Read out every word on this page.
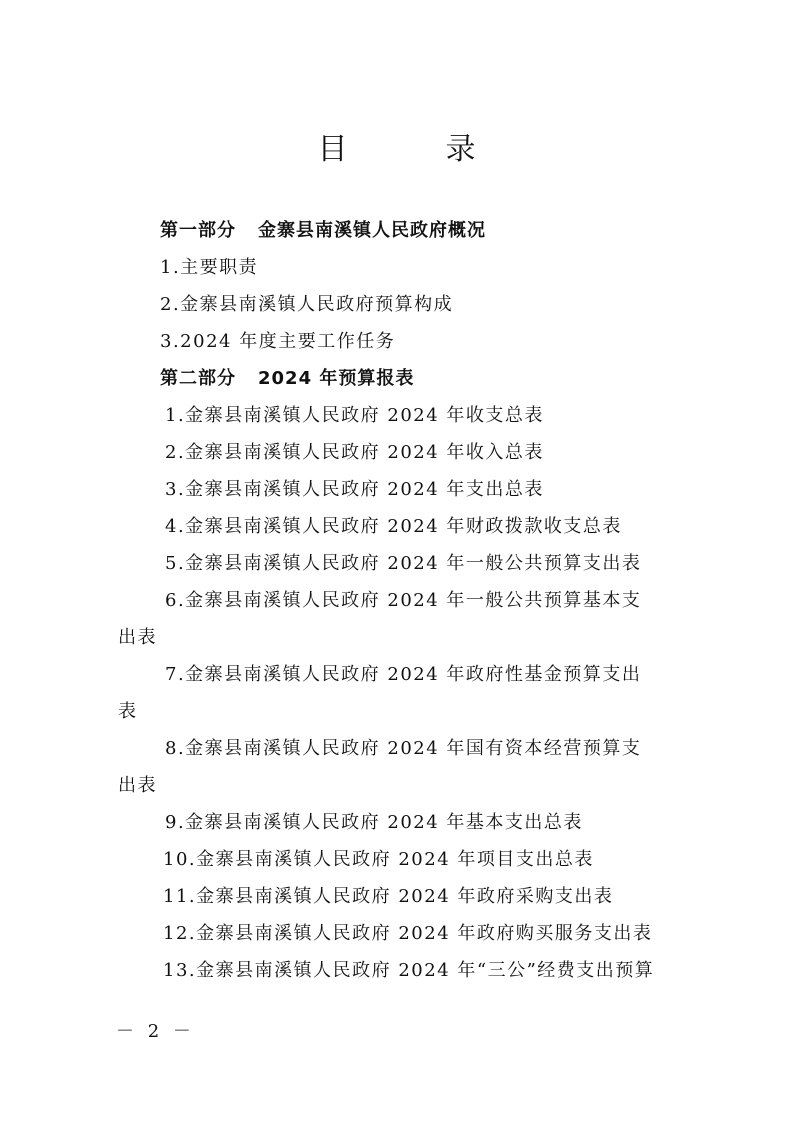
目　录
第一部分 金寨县南溪镇人民政府概况
1.主要职责
2.金寨县南溪镇人民政府预算构成
3.2024 年度主要工作任务
第二部分 2024 年预算报表
1.金寨县南溪镇人民政府 2024 年收支总表
2.金寨县南溪镇人民政府 2024 年收入总表
3.金寨县南溪镇人民政府 2024 年支出总表
4.金寨县南溪镇人民政府 2024 年财政拨款收支总表
5.金寨县南溪镇人民政府 2024 年一般公共预算支出表
6.金寨县南溪镇人民政府 2024 年一般公共预算基本支
出表
7.金寨县南溪镇人民政府 2024 年政府性基金预算支出
表
8.金寨县南溪镇人民政府 2024 年国有资本经营预算支
出表
9.金寨县南溪镇人民政府 2024 年基本支出总表
10.金寨县南溪镇人民政府 2024 年项目支出总表
11.金寨县南溪镇人民政府 2024 年政府采购支出表
12.金寨县南溪镇人民政府 2024 年政府购买服务支出表
13.金寨县南溪镇人民政府 2024 年“三公”经费支出预算
－ 2 －
